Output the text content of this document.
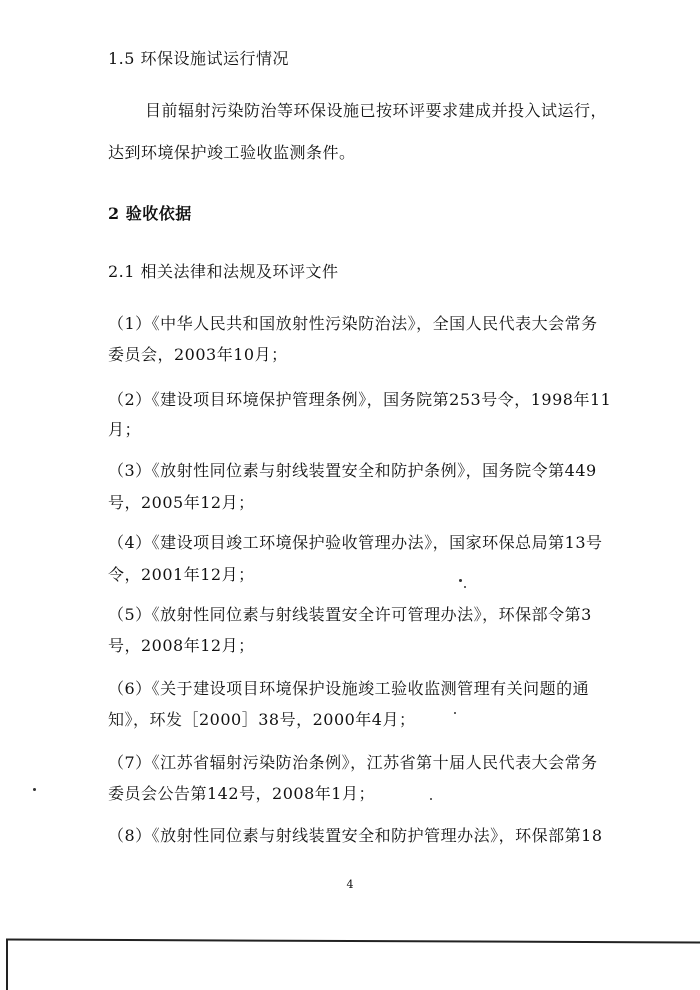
1.5 环保设施试运行情况
目前辐射污染防治等环保设施已按环评要求建成并投入试运行，
达到环境保护竣工验收监测条件。
2 验收依据
2.1 相关法律和法规及环评文件
（1）《中华人民共和国放射性污染防治法》，全国人民代表大会常务
委员会，2003年10月；
（2）《建设项目环境保护管理条例》，国务院第253号令，1998年11
月；
（3）《放射性同位素与射线装置安全和防护条例》，国务院令第449
号，2005年12月；
（4）《建设项目竣工环境保护验收管理办法》，国家环保总局第13号
令，2001年12月；
（5）《放射性同位素与射线装置安全许可管理办法》，环保部令第3
号，2008年12月；
（6）《关于建设项目环境保护设施竣工验收监测管理有关问题的通
知》，环发［2000］38号，2000年4月；
（7）《江苏省辐射污染防治条例》，江苏省第十届人民代表大会常务
委员会公告第142号，2008年1月；
（8）《放射性同位素与射线装置安全和防护管理办法》，环保部第18
4
